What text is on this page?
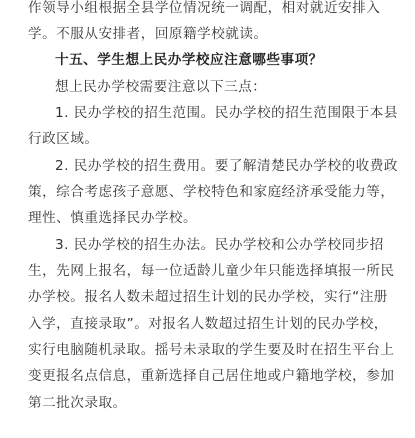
作领导小组根据全县学位情况统一调配，相对就近安排入
学。不服从安排者，回原籍学校就读。
十五、学生想上民办学校应注意哪些事项？
想上民办学校需要注意以下三点：
1. 民办学校的招生范围。民办学校的招生范围限于本县
行政区域。
2. 民办学校的招生费用。要了解清楚民办学校的收费政
策，综合考虑孩子意愿、学校特色和家庭经济承受能力等，
理性、慎重选择民办学校。
3. 民办学校的招生办法。民办学校和公办学校同步招
生，先网上报名，每一位适龄儿童少年只能选择填报一所民
办学校。报名人数未超过招生计划的民办学校，实行“注册
入学，直接录取”。对报名人数超过招生计划的民办学校，
实行电脑随机录取。摇号未录取的学生要及时在招生平台上
变更报名点信息，重新选择自己居住地或户籍地学校，参加
第二批次录取。
